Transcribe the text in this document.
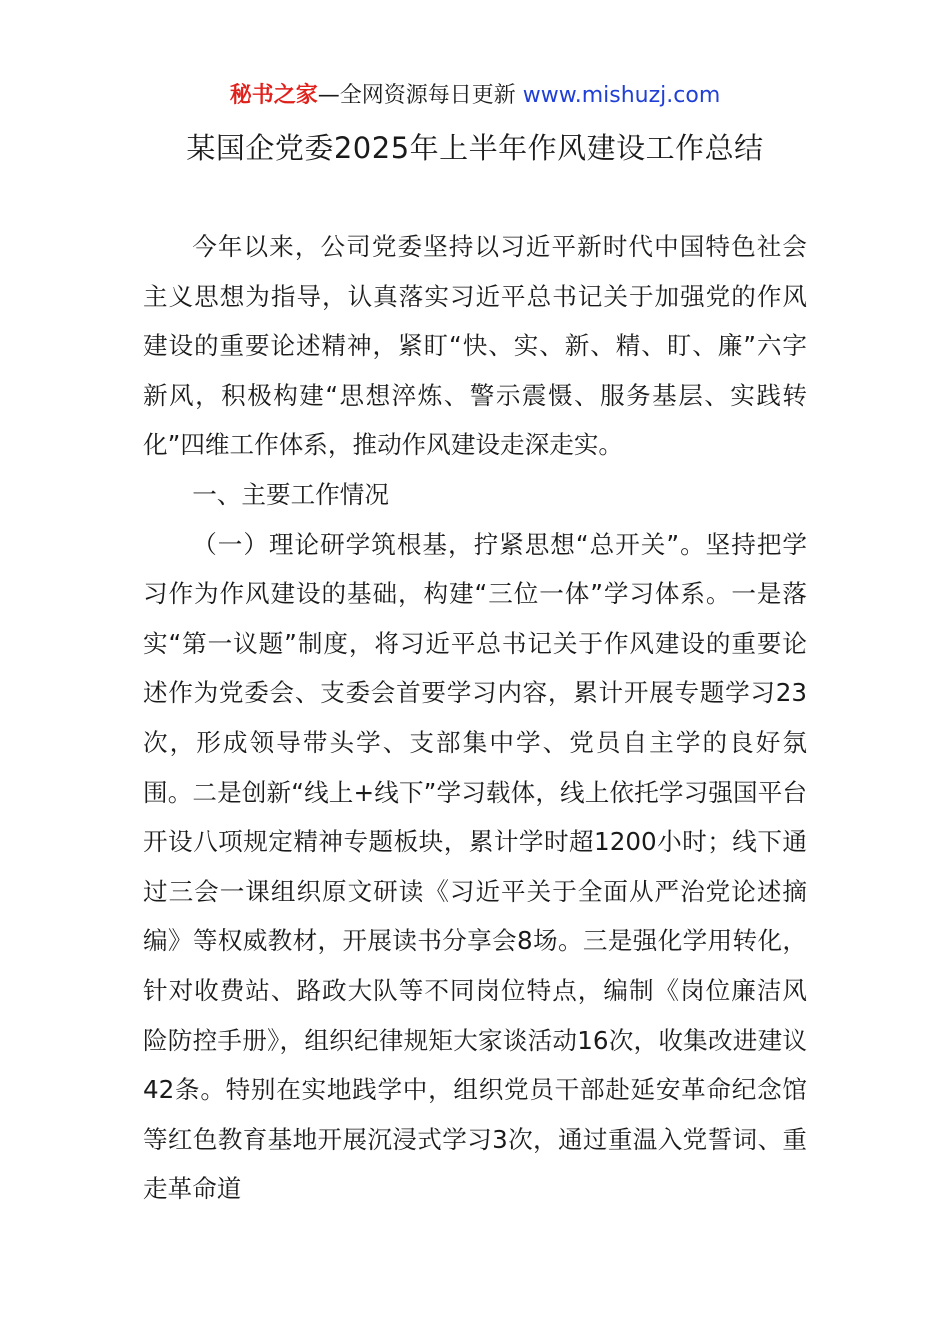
秘书之家—全网资源每日更新 www.mishuzj.com
某国企党委2025年上半年作风建设工作总结

今年以来，公司党委坚持以习近平新时代中国特色社会主义思想为指导，认真落实习近平总书记关于加强党的作风建设的重要论述精神，紧盯“快、实、新、精、盯、廉”六字新风，积极构建“思想淬炼、警示震慑、服务基层、实践转化”四维工作体系，推动作风建设走深走实。

一、主要工作情况

（一）理论研学筑根基，拧紧思想“总开关”。坚持把学习作为作风建设的基础，构建“三位一体”学习体系。一是落实“第一议题”制度，将习近平总书记关于作风建设的重要论述作为党委会、支委会首要学习内容，累计开展专题学习23次，形成领导带头学、支部集中学、党员自主学的良好氛围。二是创新“线上+线下”学习载体，线上依托学习强国平台开设八项规定精神专题板块，累计学时超1200小时；线下通过三会一课组织原文研读《习近平关于全面从严治党论述摘编》等权威教材，开展读书分享会8场。三是强化学用转化，针对收费站、路政大队等不同岗位特点，编制《岗位廉洁风险防控手册》，组织纪律规矩大家谈活动16次，收集改进建议42条。特别在实地践学中，组织党员干部赴延安革命纪念馆等红色教育基地开展沉浸式学习3次，通过重温入党誓词、重走革命道
